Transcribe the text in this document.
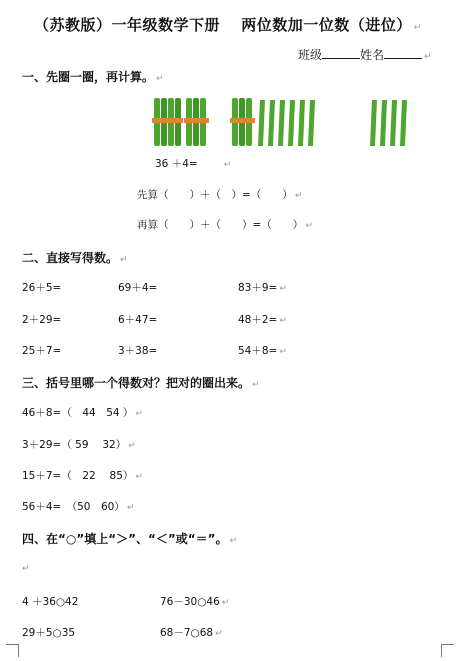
（苏教版）一年级数学下册　 两位数加一位数（进位） ↵
班级	姓名	↵
一、先圈一圈，再计算。 ↵
36 ＋4=	↵
先算（　　）＋（　）=（　　） ↵
再算（　　）＋（　　）=（　　） ↵
二、直接写得数。 ↵
26＋5=	69＋4=	83＋9= ↵
2＋29=	6＋47=	48＋2= ↵
25＋7=	3＋38=	54＋8= ↵
三、括号里哪一个得数对？把对的圈出来。 ↵
46＋8=（　44　54 ） ↵
3＋29=（ 59　 32） ↵
15＋7=（　22　 85） ↵
56＋4=　（50　60） ↵
四、在“○”填上“＞”、“＜”或“＝”。 ↵
↵
4 ＋36○42	76－30○46 ↵
29＋5○35	68－7○68 ↵
